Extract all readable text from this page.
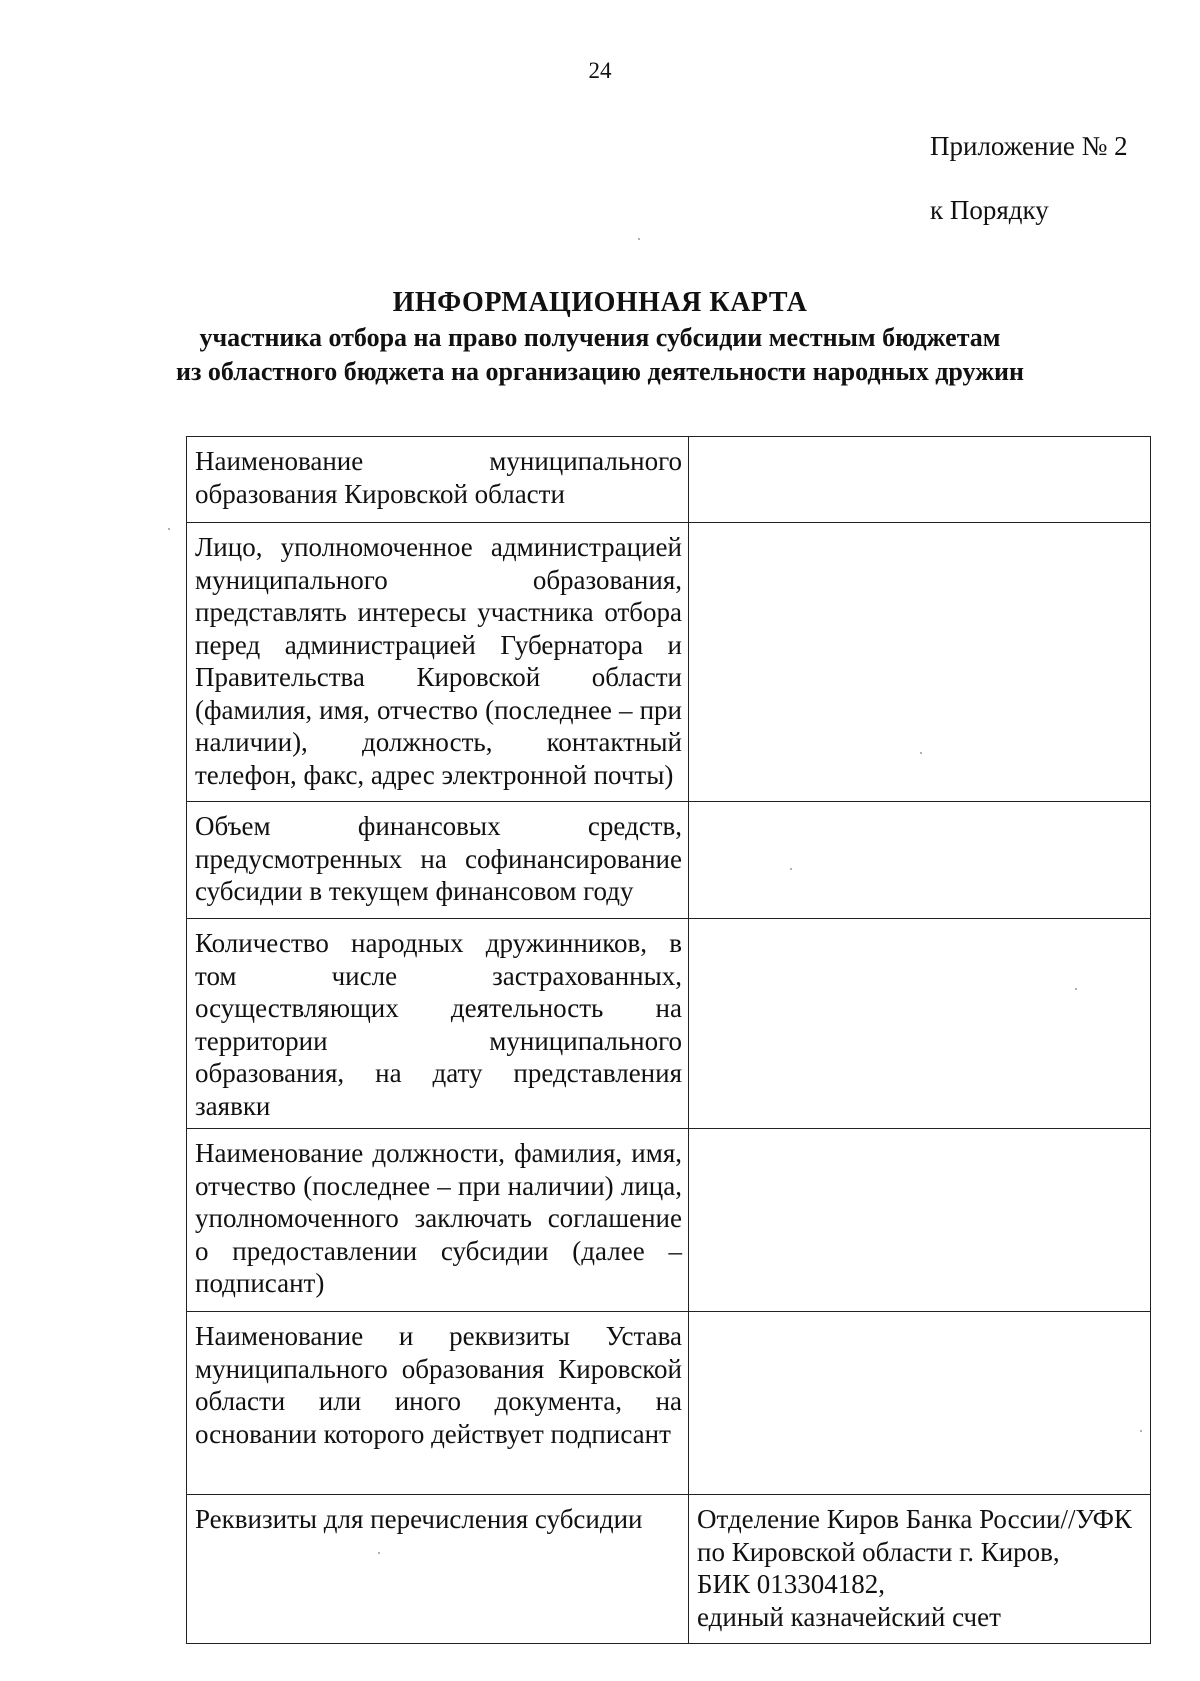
24
Приложение № 2
к Порядку
ИНФОРМАЦИОННАЯ КАРТА
участника отбора на право получения субсидии местным бюджетам
из областного бюджета на организацию деятельности народных дружин
Наименование муниципального образования Кировской области	
Лицо, уполномоченное администрацией муниципального образования, представлять интересы участника отбора перед администрацией Губернатора и Правительства Кировской области (фамилия, имя, отчество (последнее – при наличии), должность, контактный телефон, факс, адрес электронной почты)	
Объем финансовых средств, предусмотренных на софинансирование субсидии в текущем финансовом году	
Количество народных дружинников, в том числе застрахованных, осуществляющих деятельность на территории муниципального образования, на дату представления заявки	
Наименование должности, фамилия, имя, отчество (последнее – при наличии) лица, уполномоченного заключать соглашение о предоставлении субсидии (далее – подписант)	
Наименование и реквизиты Устава муниципального образования Кировской области или иного документа, на основании которого действует подписант	
Реквизиты для перечисления субсидии	Отделение Киров Банка России//УФК
по Кировской области г. Киров,
БИК 013304182,
единый казначейский счет
